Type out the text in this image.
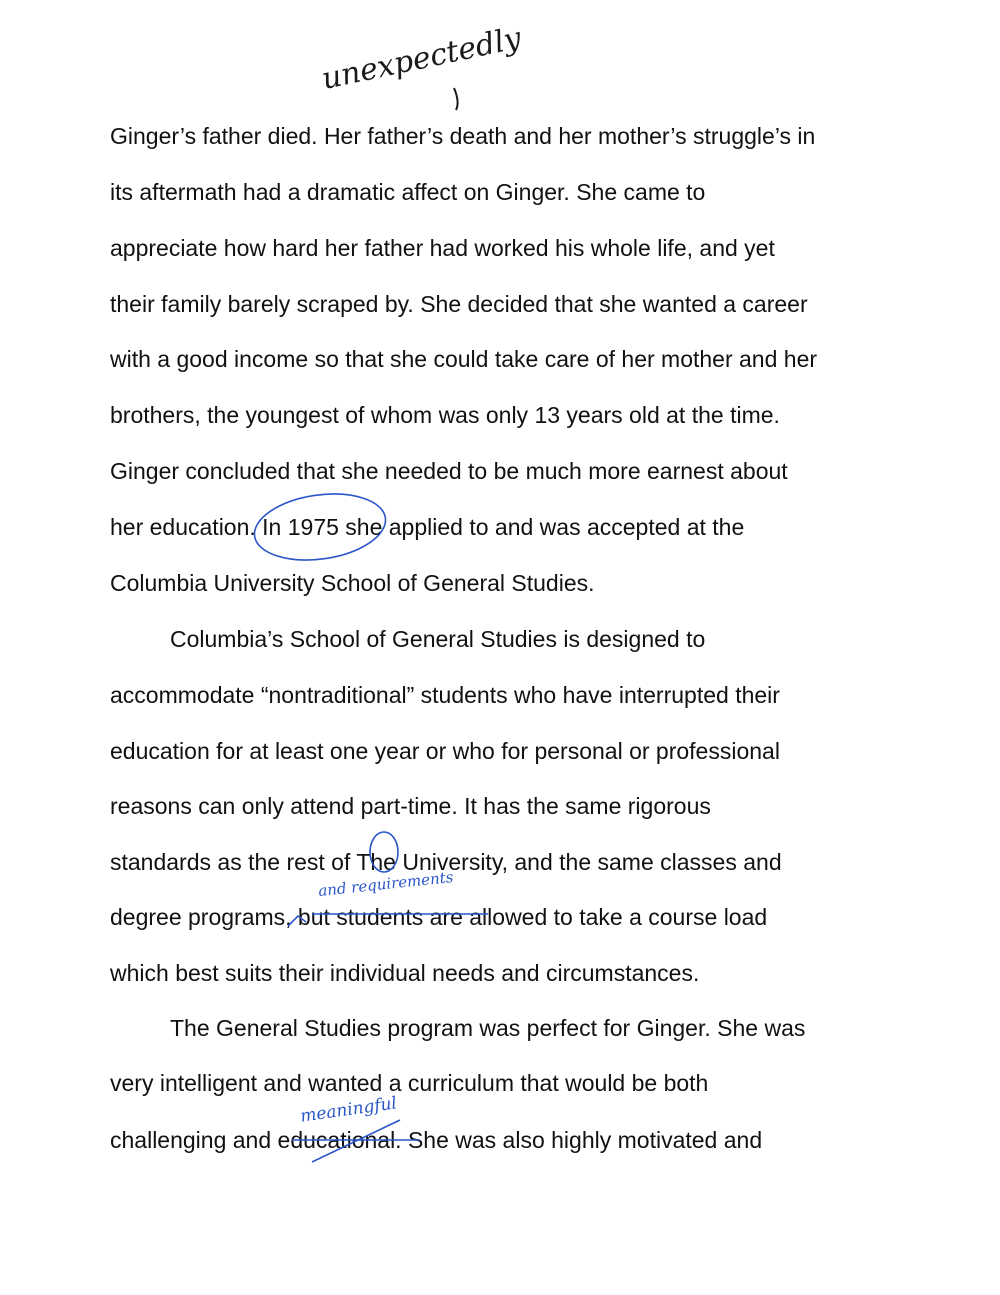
Ginger’s father died. Her father’s death and her mother’s struggle’s in
its aftermath had a dramatic affect on Ginger. She came to
appreciate how hard her father had worked his whole life, and yet
their family barely scraped by. She decided that she wanted a career
with a good income so that she could take care of her mother and her
brothers, the youngest of whom was only 13 years old at the time.
Ginger concluded that she needed to be much more earnest about
her education. In 1975 she applied to and was accepted at the
Columbia University School of General Studies.
Columbia’s School of General Studies is designed to
accommodate “nontraditional” students who have interrupted their
education for at least one year or who for personal or professional
reasons can only attend part-time. It has the same rigorous
standards as the rest of The University, and the same classes and
degree programs, but students are allowed to take a course load
which best suits their individual needs and circumstances.
The General Studies program was perfect for Ginger. She was
very intelligent and wanted a curriculum that would be both
challenging and educational. She was also highly motivated and
unexpectedly
and requirements
meaningful
